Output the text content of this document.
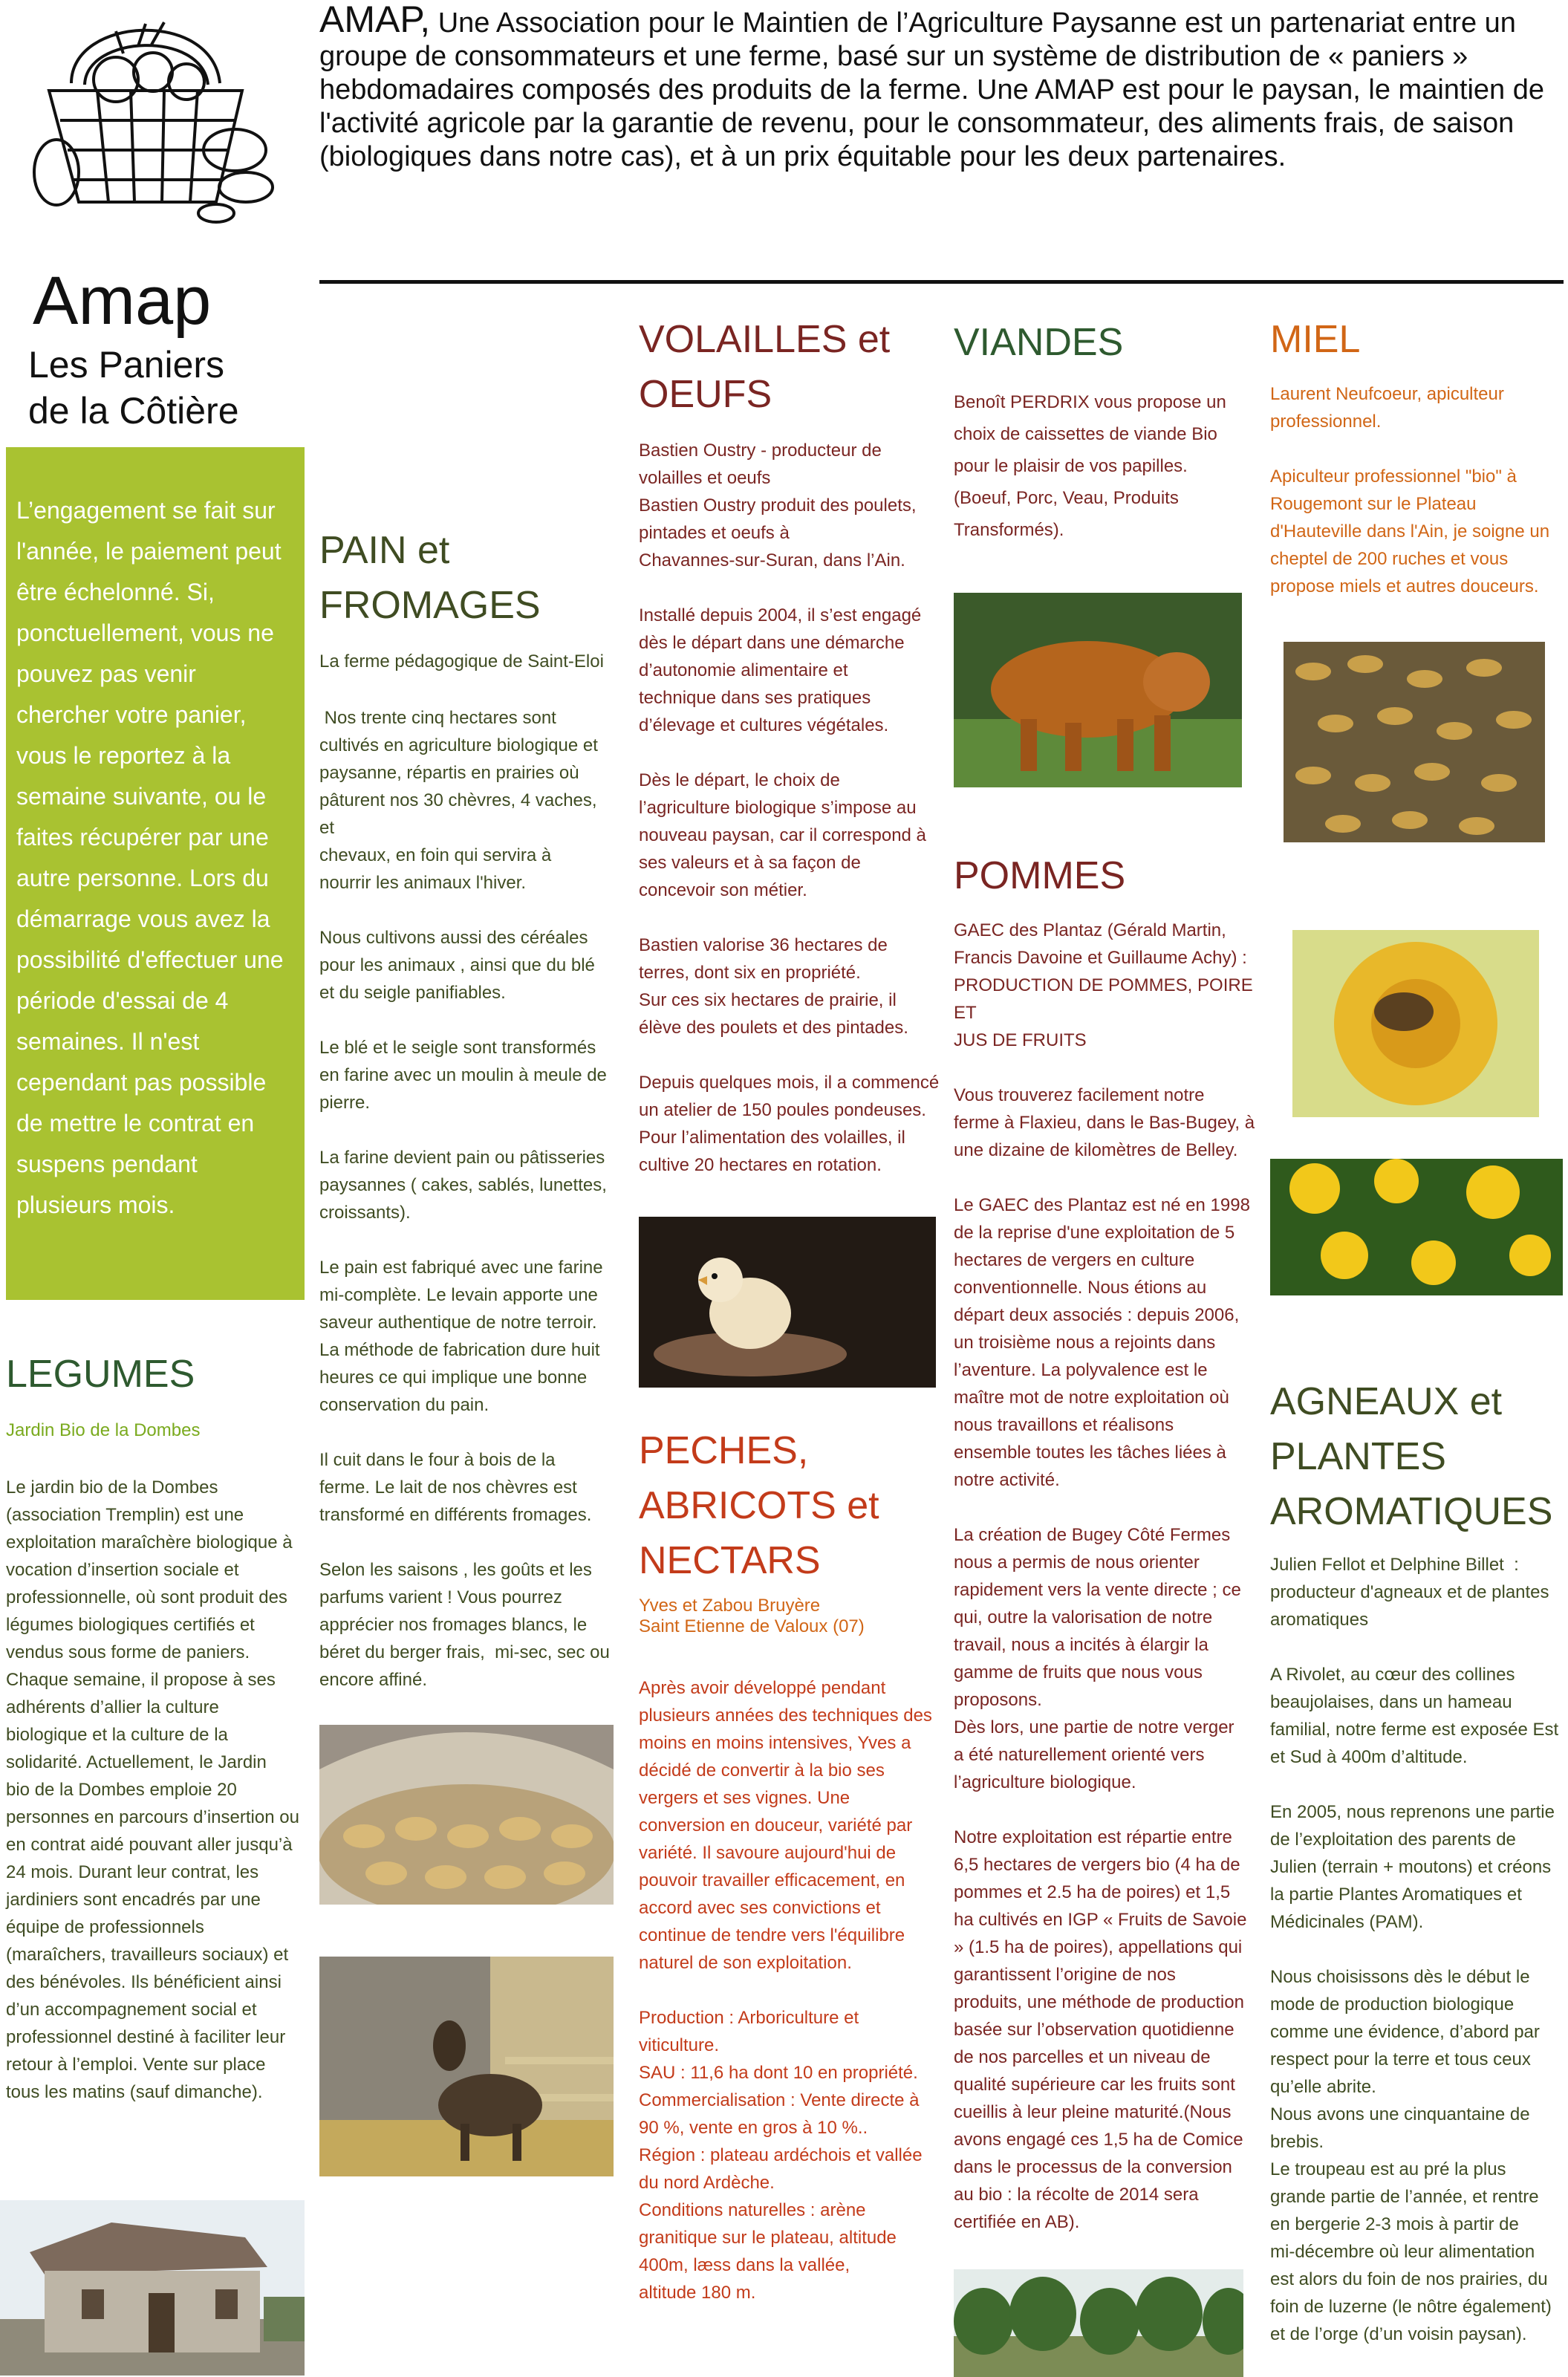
Amap
Les Paniers
de la Côtière

AMAP, Une Association pour le Maintien de l’Agriculture Paysanne est un partenariat entre un groupe de consommateurs et une ferme, basé sur un système de distribution de « paniers » hebdomadaires composés des produits de la ferme. Une AMAP est pour le paysan, le maintien de l'activité agricole par la garantie de revenu, pour le consommateur, des aliments frais, de saison (biologiques dans notre cas), et à un prix équitable pour les deux partenaires.

L’engagement se fait sur l'année, le paiement peut être échelonné. Si, ponctuellement, vous ne pouvez pas venir chercher votre panier, vous le reportez à la semaine suivante, ou le faites récupérer par une autre personne. Lors du démarrage vous avez la possibilité d'effectuer une période d'essai de 4 semaines. Il n'est cependant pas possible de mettre le contrat en suspens pendant plusieurs mois.

LEGUMES
Jardin Bio de la Dombes

Le jardin bio de la Dombes
(association Tremplin) est une
exploitation maraîchère biologique à
vocation d’insertion sociale et
professionnelle, où sont produit des
légumes biologiques certifiés et
vendus sous forme de paniers.
Chaque semaine, il propose à ses
adhérents d’allier la culture
biologique et la culture de la
solidarité. Actuellement, le Jardin
bio de la Dombes emploie 20
personnes en parcours d’insertion ou
en contrat aidé pouvant aller jusqu’à
24 mois. Durant leur contrat, les
jardiniers sont encadrés par une
équipe de professionnels
(maraîchers, travailleurs sociaux) et
des bénévoles. Ils bénéficient ainsi
d’un accompagnement social et
professionnel destiné à faciliter leur
retour à l’emploi. Vente sur place
tous les matins (sauf dimanche).

PAIN et
FROMAGES
La ferme pédagogique de Saint-Eloi

Nos trente cinq hectares sont
cultivés en agriculture biologique et
paysanne, répartis en prairies où
pâturent nos 30 chèvres, 4 vaches, et
chevaux, en foin qui servira à
nourrir les animaux l'hiver.

Nous cultivons aussi des céréales
pour les animaux , ainsi que du blé
et du seigle panifiables.

Le blé et le seigle sont transformés
en farine avec un moulin à meule de
pierre.

La farine devient pain ou pâtisseries
paysannes ( cakes, sablés, lunettes,
croissants).

Le pain est fabriqué avec une farine
mi-complète. Le levain apporte une
saveur authentique de notre terroir.
La méthode de fabrication dure huit
heures ce qui implique une bonne
conservation du pain.

Il cuit dans le four à bois de la
ferme. Le lait de nos chèvres est
transformé en différents fromages.

Selon les saisons , les goûts et les
parfums varient ! Vous pourrez
apprécier nos fromages blancs, le
béret du berger frais,  mi-sec, sec ou
encore affiné.

VOLAILLES et
OEUFS

Bastien Oustry - producteur de
volailles et oeufs
Bastien Oustry produit des poulets,
pintades et oeufs à
Chavannes-sur-Suran, dans l’Ain.

Installé depuis 2004, il s’est engagé
dès le départ dans une démarche
d’autonomie alimentaire et
technique dans ses pratiques
d’élevage et cultures végétales.

Dès le départ, le choix de
l’agriculture biologique s’impose au
nouveau paysan, car il correspond à
ses valeurs et à sa façon de
concevoir son métier.

Bastien valorise 36 hectares de
terres, dont six en propriété.
Sur ces six hectares de prairie, il
élève des poulets et des pintades.

Depuis quelques mois, il a commencé
un atelier de 150 poules pondeuses.
Pour l’alimentation des volailles, il
cultive 20 hectares en rotation.

PECHES,
ABRICOTS et
NECTARS
Yves et Zabou Bruyère
Saint Etienne de Valoux (07)

Après avoir développé pendant
plusieurs années des techniques des
moins en moins intensives, Yves a
décidé de convertir à la bio ses
vergers et ses vignes. Une
conversion en douceur, variété par
variété. Il savoure aujourd'hui de
pouvoir travailler efficacement, en
accord avec ses convictions et
continue de tendre vers l'équilibre
naturel de son exploitation.

Production : Arboriculture et
viticulture.
SAU : 11,6 ha dont 10 en propriété.
Commercialisation : Vente directe à
90 %, vente en gros à 10 %..
Région : plateau ardéchois et vallée
du nord Ardèche.
Conditions naturelles : arène
granitique sur le plateau, altitude
400m, læss dans la vallée,
altitude 180 m.

VIANDES

Benoît PERDRIX vous propose un
choix de caissettes de viande Bio
pour le plaisir de vos papilles.
(Boeuf, Porc, Veau, Produits
Transformés).

POMMES

GAEC des Plantaz (Gérald Martin,
Francis Davoine et Guillaume Achy) :
PRODUCTION DE POMMES, POIRE ET
JUS DE FRUITS

Vous trouverez facilement notre
ferme à Flaxieu, dans le Bas-Bugey, à
une dizaine de kilomètres de Belley.

Le GAEC des Plantaz est né en 1998
de la reprise d'une exploitation de 5
hectares de vergers en culture
conventionnelle. Nous étions au
départ deux associés : depuis 2006,
un troisième nous a rejoints dans
l’aventure. La polyvalence est le
maître mot de notre exploitation où
nous travaillons et réalisons
ensemble toutes les tâches liées à
notre activité.

La création de Bugey Côté Fermes
nous a permis de nous orienter
rapidement vers la vente directe ; ce
qui, outre la valorisation de notre
travail, nous a incités à élargir la
gamme de fruits que nous vous
proposons.
Dès lors, une partie de notre verger
a été naturellement orienté vers
l’agriculture biologique.

Notre exploitation est répartie entre
6,5 hectares de vergers bio (4 ha de
pommes et 2.5 ha de poires) et 1,5
ha cultivés en IGP « Fruits de Savoie
» (1.5 ha de poires), appellations qui
garantissent l’origine de nos
produits, une méthode de production
basée sur l’observation quotidienne
de nos parcelles et un niveau de
qualité supérieure car les fruits sont
cueillis à leur pleine maturité.(Nous
avons engagé ces 1,5 ha de Comice
dans le processus de la conversion
au bio : la récolte de 2014 sera
certifiée en AB).

MIEL

Laurent Neufcoeur, apiculteur
professionnel.

Apiculteur professionnel "bio" à
Rougemont sur le Plateau
d'Hauteville dans l'Ain, je soigne un
cheptel de 200 ruches et vous
propose miels et autres douceurs.

AGNEAUX et
PLANTES
AROMATIQUES

Julien Fellot et Delphine Billet  :
producteur d'agneaux et de plantes
aromatiques

A Rivolet, au cœur des collines
beaujolaises, dans un hameau
familial, notre ferme est exposée Est
et Sud à 400m d’altitude.

En 2005, nous reprenons une partie
de l’exploitation des parents de
Julien (terrain + moutons) et créons
la partie Plantes Aromatiques et
Médicinales (PAM).

Nous choisissons dès le début le
mode de production biologique
comme une évidence, d’abord par
respect pour la terre et tous ceux
qu’elle abrite.
Nous avons une cinquantaine de
brebis.
Le troupeau est au pré la plus
grande partie de l’année, et rentre
en bergerie 2-3 mois à partir de
mi-décembre où leur alimentation
est alors du foin de nos prairies, du
foin de luzerne (le nôtre également)
et de l’orge (d’un voisin paysan).
